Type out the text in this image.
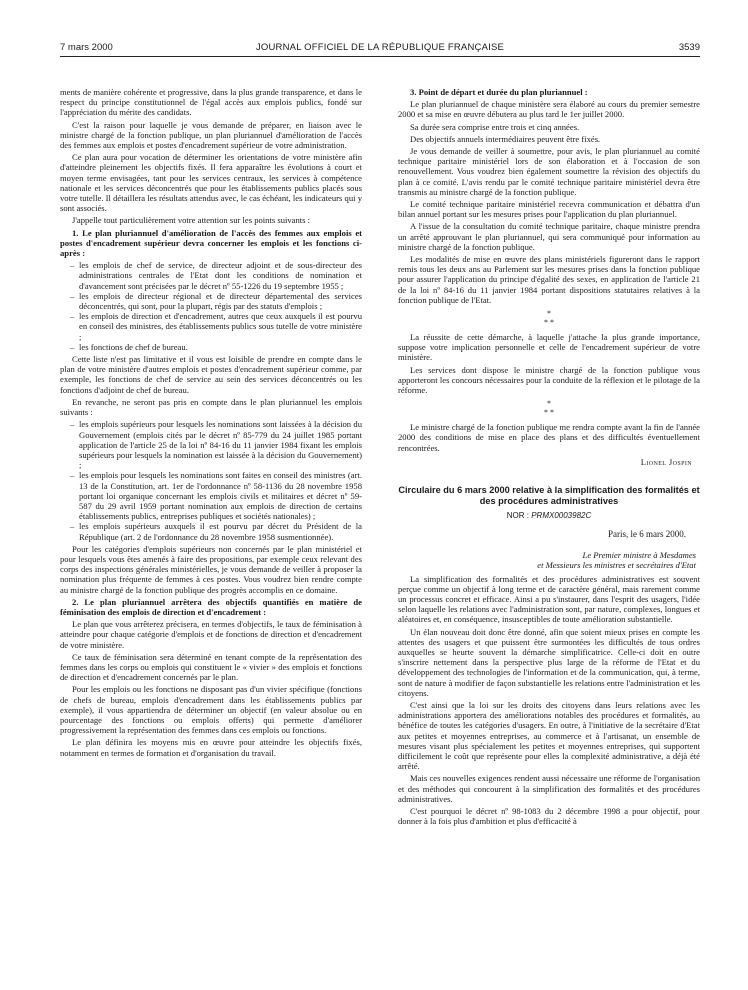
7 mars 2000	JOURNAL OFFICIEL DE LA RÉPUBLIQUE FRANÇAISE	3539

ments de manière cohérente et progressive, dans la plus grande transparence, et dans le respect du principe constitutionnel de l'égal accès aux emplois publics, fondé sur l'appréciation du mérite des candidats.

C'est la raison pour laquelle je vous demande de préparer, en liaison avec le ministre chargé de la fonction publique, un plan pluriannuel d'amélioration de l'accès des femmes aux emplois et postes d'encadrement supérieur de votre administration.

Ce plan aura pour vocation de déterminer les orientations de votre ministère afin d'atteindre pleinement les objectifs fixés. Il fera apparaître les évolutions à court et moyen terme envisagées, tant pour les services centraux, les services à compétence nationale et les services déconcentrés que pour les établissements publics placés sous votre tutelle. Il détaillera les résultats attendus avec, le cas échéant, les indicateurs qui y sont associés.

J'appelle tout particulièrement votre attention sur les points suivants :

1. Le plan pluriannuel d'amélioration de l'accès des femmes aux emplois et postes d'encadrement supérieur devra concerner les emplois et les fonctions ci-après :

– les emplois de chef de service, de directeur adjoint et de sous-directeur des administrations centrales de l'Etat dont les conditions de nomination et d'avancement sont précisées par le décret nº 55-1226 du 19 septembre 1955 ;
– les emplois de directeur régional et de directeur départemental des services déconcentrés, qui sont, pour la plupart, régis par des statuts d'emplois ;
– les emplois de direction et d'encadrement, autres que ceux auxquels il est pourvu en conseil des ministres, des établissements publics sous tutelle de votre ministère ;
– les fonctions de chef de bureau.

Cette liste n'est pas limitative et il vous est loisible de prendre en compte dans le plan de votre ministère d'autres emplois et postes d'encadrement supérieur comme, par exemple, les fonctions de chef de service au sein des services déconcentrés ou les fonctions d'adjoint de chef de bureau.

En revanche, ne seront pas pris en compte dans le plan pluriannuel les emplois suivants :

– les emplois supérieurs pour lesquels les nominations sont laissées à la décision du Gouvernement (emplois cités par le décret nº 85-779 du 24 juillet 1985 portant application de l'article 25 de la loi nº 84-16 du 11 janvier 1984 fixant les emplois supérieurs pour lesquels la nomination est laissée à la décision du Gouvernement) ;
– les emplois pour lesquels les nominations sont faites en conseil des ministres (art. 13 de la Constitution, art. 1er de l'ordonnance nº 58-1136 du 28 novembre 1958 portant loi organique concernant les emplois civils et militaires et décret nº 59-587 du 29 avril 1959 portant nomination aux emplois de direction de certains établissements publics, entreprises publiques et sociétés nationales) ;
– les emplois supérieurs auxquels il est pourvu par décret du Président de la République (art. 2 de l'ordonnance du 28 novembre 1958 susmentionnée).

Pour les catégories d'emplois supérieurs non concernés par le plan ministériel et pour lesquels vous êtes amenés à faire des propositions, par exemple ceux relevant des corps des inspections générales ministérielles, je vous demande de veiller à proposer la nomination plus fréquente de femmes à ces postes. Vous voudrez bien rendre compte au ministre chargé de la fonction publique des progrès accomplis en ce domaine.

2. Le plan pluriannuel arrêtera des objectifs quantifiés en matière de féminisation des emplois de direction et d'encadrement :

Le plan que vous arrêterez précisera, en termes d'objectifs, le taux de féminisation à atteindre pour chaque catégorie d'emplois et de fonctions de direction et d'encadrement de votre ministère.

Ce taux de féminisation sera déterminé en tenant compte de la représentation des femmes dans les corps ou emplois qui constituent le « vivier » des emplois et fonctions de direction et d'encadrement concernés par le plan.

Pour les emplois ou les fonctions ne disposant pas d'un vivier spécifique (fonctions de chefs de bureau, emplois d'encadrement dans les établissements publics par exemple), il vous appartiendra de déterminer un objectif (en valeur absolue ou en pourcentage des fonctions ou emplois offerts) qui permette d'améliorer progressivement la représentation des femmes dans ces emplois ou fonctions.

Le plan définira les moyens mis en œuvre pour atteindre les objectifs fixés, notamment en termes de formation et d'organisation du travail.

3. Point de départ et durée du plan pluriannuel :

Le plan pluriannuel de chaque ministère sera élaboré au cours du premier semestre 2000 et sa mise en œuvre débutera au plus tard le 1er juillet 2000.

Sa durée sera comprise entre trois et cinq années.

Des objectifs annuels intermédiaires peuvent être fixés.

Je vous demande de veiller à soumettre, pour avis, le plan pluriannuel au comité technique paritaire ministériel lors de son élaboration et à l'occasion de son renouvellement. Vous voudrez bien également soumettre la révision des objectifs du plan à ce comité. L'avis rendu par le comité technique paritaire ministériel devra être transmis au ministre chargé de la fonction publique.

Le comité technique paritaire ministériel recevra communication et débattra d'un bilan annuel portant sur les mesures prises pour l'application du plan pluriannuel.

A l'issue de la consultation du comité technique paritaire, chaque ministre prendra un arrêté approuvant le plan pluriannuel, qui sera communiqué pour information au ministre chargé de la fonction publique.

Les modalités de mise en œuvre des plans ministériels figureront dans le rapport remis tous les deux ans au Parlement sur les mesures prises dans la fonction publique pour assurer l'application du principe d'égalité des sexes, en application de l'article 21 de la loi nº 84-16 du 11 janvier 1984 portant dispositions statutaires relatives à la fonction publique de l'Etat.

*
* *

La réussite de cette démarche, à laquelle j'attache la plus grande importance, suppose votre implication personnelle et celle de l'encadrement supérieur de votre ministère.

Les services dont dispose le ministre chargé de la fonction publique vous apporteront les concours nécessaires pour la conduite de la réflexion et le pilotage de la réforme.

*
* *

Le ministre chargé de la fonction publique me rendra compte avant la fin de l'année 2000 des conditions de mise en place des plans et des difficultés éventuellement rencontrées.

Lionel Jospin
Circulaire du 6 mars 2000 relative à la simplification des formalités et des procédures administratives
NOR : PRMX0003982C
Paris, le 6 mars 2000.
Le Premier ministre à Mesdames
et Messieurs les ministres et secrétaires d'Etat

La simplification des formalités et des procédures administratives est souvent perçue comme un objectif à long terme et de caractère général, mais rarement comme un processus concret et efficace. Ainsi a pu s'instaurer, dans l'esprit des usagers, l'idée selon laquelle les relations avec l'administration sont, par nature, complexes, longues et aléatoires et, en conséquence, insusceptibles de toute amélioration substantielle.

Un élan nouveau doit donc être donné, afin que soient mieux prises en compte les attentes des usagers et que puissent être surmontées les difficultés de tous ordres auxquelles se heurte souvent la démarche simplificatrice. Celle-ci doit en outre s'inscrire nettement dans la perspective plus large de la réforme de l'Etat et du développement des technologies de l'information et de la communication, qui, à terme, sont de nature à modifier de façon substantielle les relations entre l'administration et les citoyens.

C'est ainsi que la loi sur les droits des citoyens dans leurs relations avec les administrations apportera des améliorations notables des procédures et formalités, au bénéfice de toutes les catégories d'usagers. En outre, à l'initiative de la secrétaire d'Etat aux petites et moyennes entreprises, au commerce et à l'artisanat, un ensemble de mesures visant plus spécialement les petites et moyennes entreprises, qui supportent difficilement le coût que représente pour elles la complexité administrative, a déjà été arrêté.

Mais ces nouvelles exigences rendent aussi nécessaire une réforme de l'organisation et des méthodes qui concourent à la simplification des formalités et des procédures administratives.

C'est pourquoi le décret nº 98-1083 du 2 décembre 1998 a pour objectif, pour donner à la fois plus d'ambition et plus d'efficacité à
